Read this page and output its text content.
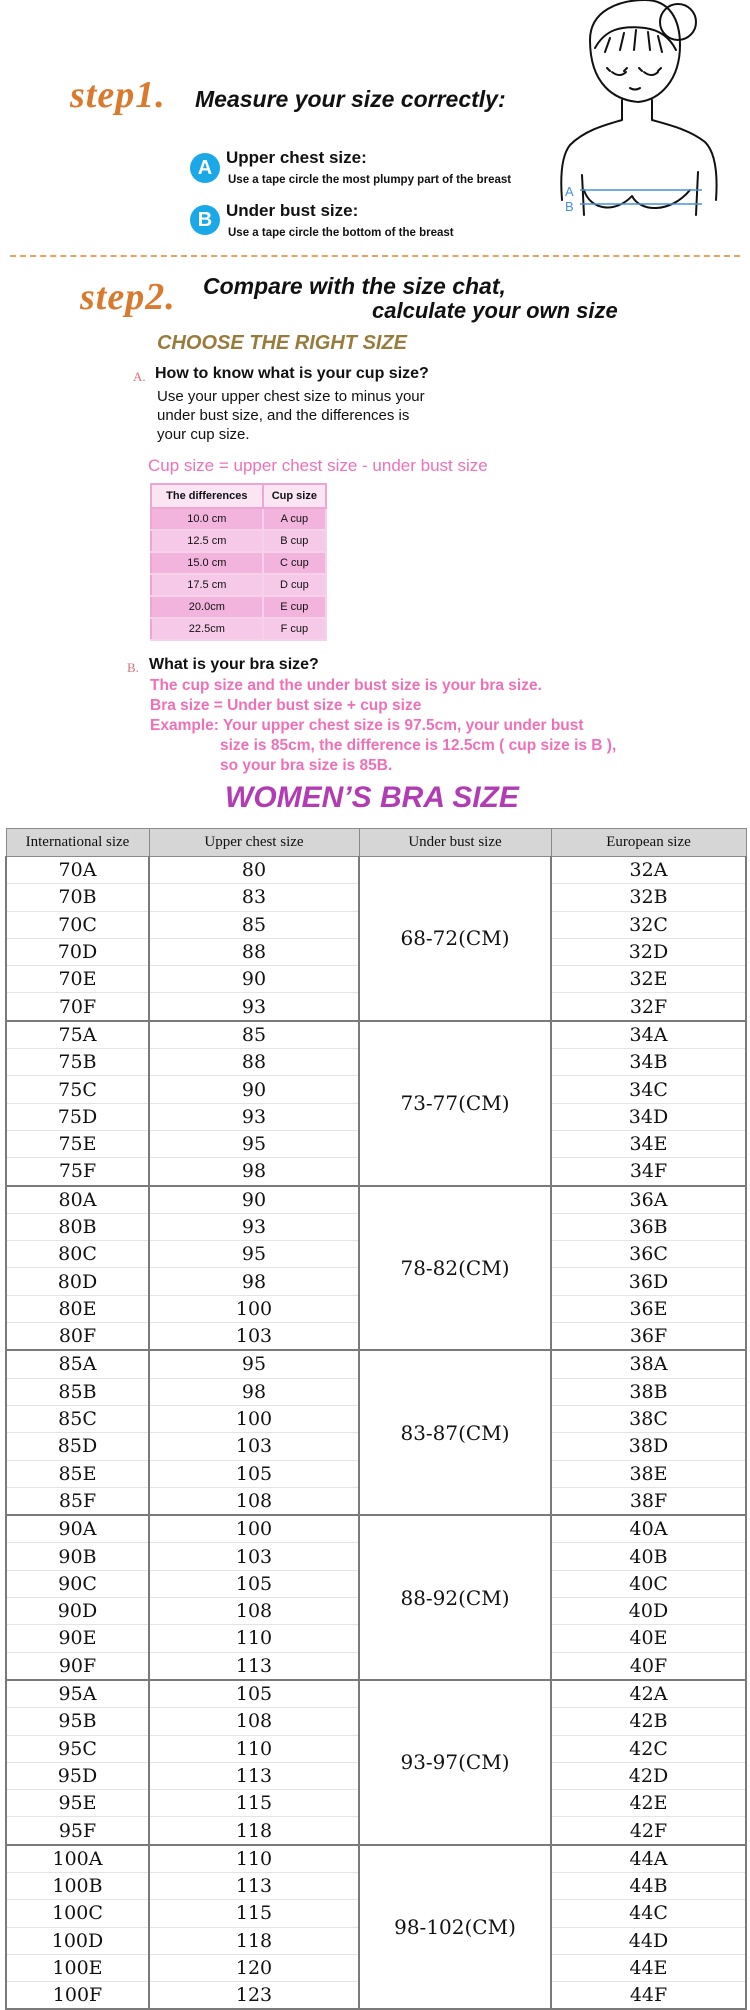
step1. Measure your size correctly:
A Upper chest size:
Use a tape circle the most plumpy part of the breast
B Under bust size:
Use a tape circle the bottom of the breast
A
B
step2. Compare with the size chat,
calculate your own size
CHOOSE THE RIGHT SIZE
A. How to know what is your cup size?
Use your upper chest size to minus your
under bust size, and the differences is
your cup size.
Cup size = upper chest size - under bust size
The differences	Cup size
10.0 cm	A cup
12.5 cm	B cup
15.0 cm	C cup
17.5 cm	D cup
20.0cm	E cup
22.5cm	F cup
B. What is your bra size?
The cup size and the under bust size is your bra size.
Bra size = Under bust size + cup size
Example: Your upper chest size is 97.5cm, your under bust
size is 85cm, the difference is 12.5cm ( cup size is B ),
so your bra size is 85B.
WOMEN’S BRA SIZE
International size	Upper chest size	Under bust size	European size
70A	80	68-72(CM)	32A
70B	83		32B
70C	85		32C
70D	88		32D
70E	90		32E
70F	93		32F
75A	85	73-77(CM)	34A
75B	88		34B
75C	90		34C
75D	93		34D
75E	95		34E
75F	98		34F
80A	90	78-82(CM)	36A
80B	93		36B
80C	95		36C
80D	98		36D
80E	100		36E
80F	103		36F
85A	95	83-87(CM)	38A
85B	98		38B
85C	100		38C
85D	103		38D
85E	105		38E
85F	108		38F
90A	100	88-92(CM)	40A
90B	103		40B
90C	105		40C
90D	108		40D
90E	110		40E
90F	113		40F
95A	105	93-97(CM)	42A
95B	108		42B
95C	110		42C
95D	113		42D
95E	115		42E
95F	118		42F
100A	110	98-102(CM)	44A
100B	113		44B
100C	115		44C
100D	118		44D
100E	120		44E
100F	123		44F
